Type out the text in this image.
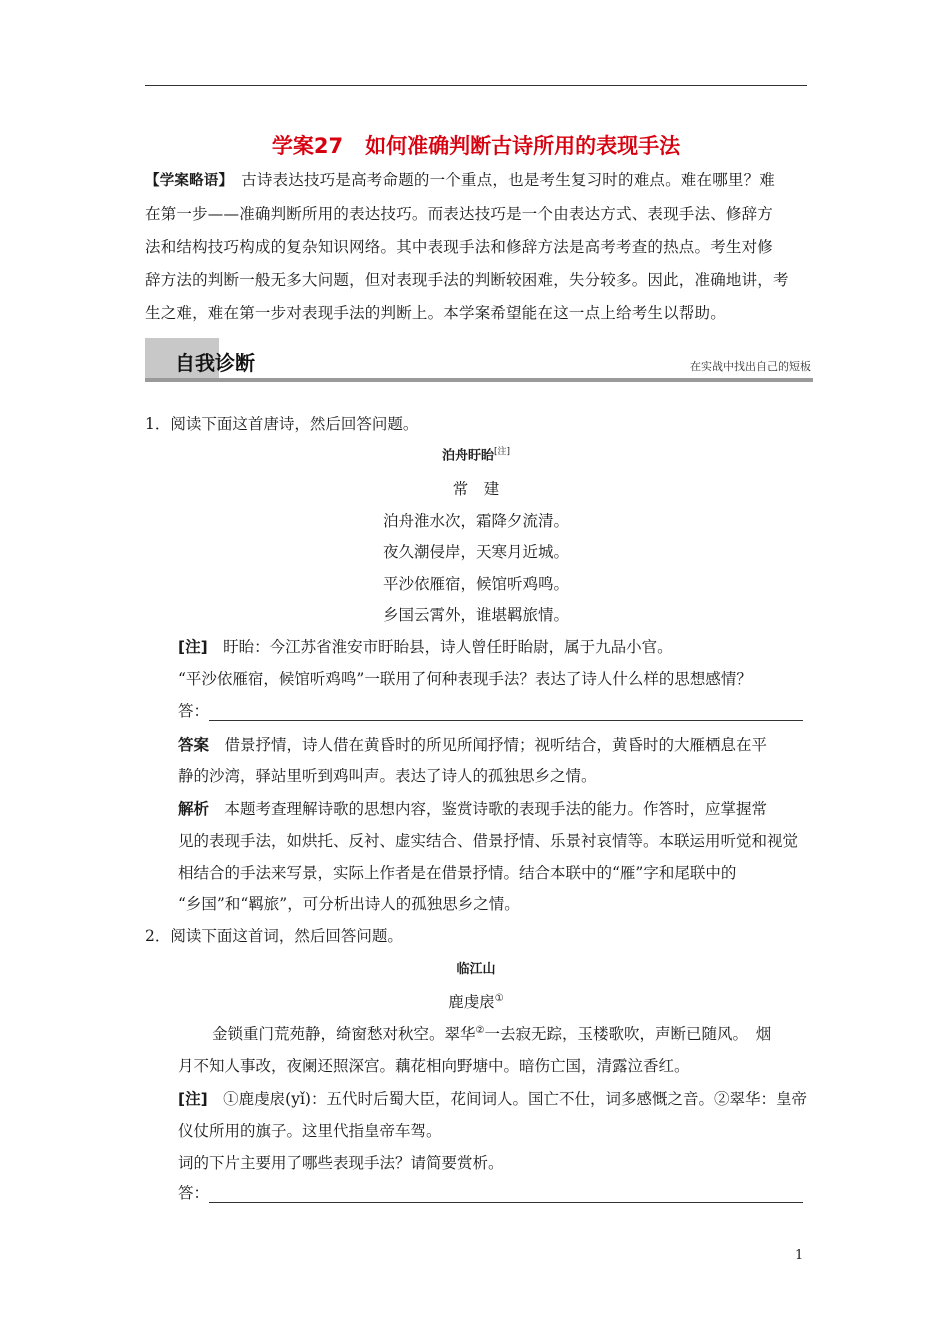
学案27 如何准确判断古诗所用的表现手法
【学案略语】 古诗表达技巧是高考命题的一个重点，也是考生复习时的难点。难在哪里？难
在第一步——准确判断所用的表达技巧。而表达技巧是一个由表达方式、表现手法、修辞方
法和结构技巧构成的复杂知识网络。其中表现手法和修辞方法是高考考查的热点。考生对修
辞方法的判断一般无多大问题，但对表现手法的判断较困难，失分较多。因此，准确地讲，考
生之难，难在第一步对表现手法的判断上。本学案希望能在这一点上给考生以帮助。
自我诊断	在实战中找出自己的短板
1．阅读下面这首唐诗，然后回答问题。
泊舟盱眙[注]
常　建
泊舟淮水次，霜降夕流清。
夜久潮侵岸，天寒月近城。
平沙依雁宿，候馆听鸡鸣。
乡国云霄外，谁堪羁旅情。
[注]　盱眙：今江苏省淮安市盱眙县，诗人曾任盱眙尉，属于九品小官。
“平沙依雁宿，候馆听鸡鸣”一联用了何种表现手法？表达了诗人什么样的思想感情？
答：
答案　借景抒情，诗人借在黄昏时的所见所闻抒情；视听结合，黄昏时的大雁栖息在平
静的沙湾，驿站里听到鸡叫声。表达了诗人的孤独思乡之情。
解析　本题考查理解诗歌的思想内容，鉴赏诗歌的表现手法的能力。作答时，应掌握常
见的表现手法，如烘托、反衬、虚实结合、借景抒情、乐景衬哀情等。本联运用听觉和视觉
相结合的手法来写景，实际上作者是在借景抒情。结合本联中的“雁”字和尾联中的
“乡国”和“羁旅”，可分析出诗人的孤独思乡之情。
2．阅读下面这首词，然后回答问题。
临江山
鹿虔扆①
金锁重门荒苑静，绮窗愁对秋空。翠华②一去寂无踪，玉楼歌吹，声断已随风。　烟
月不知人事改，夜阑还照深宫。藕花相向野塘中。暗伤亡国，清露泣香红。
[注]　①鹿虔扆(yǐ)：五代时后蜀大臣，花间词人。国亡不仕，词多感慨之音。②翠华：皇帝
仪仗所用的旗子。这里代指皇帝车驾。
词的下片主要用了哪些表现手法？请简要赏析。
答：
1
